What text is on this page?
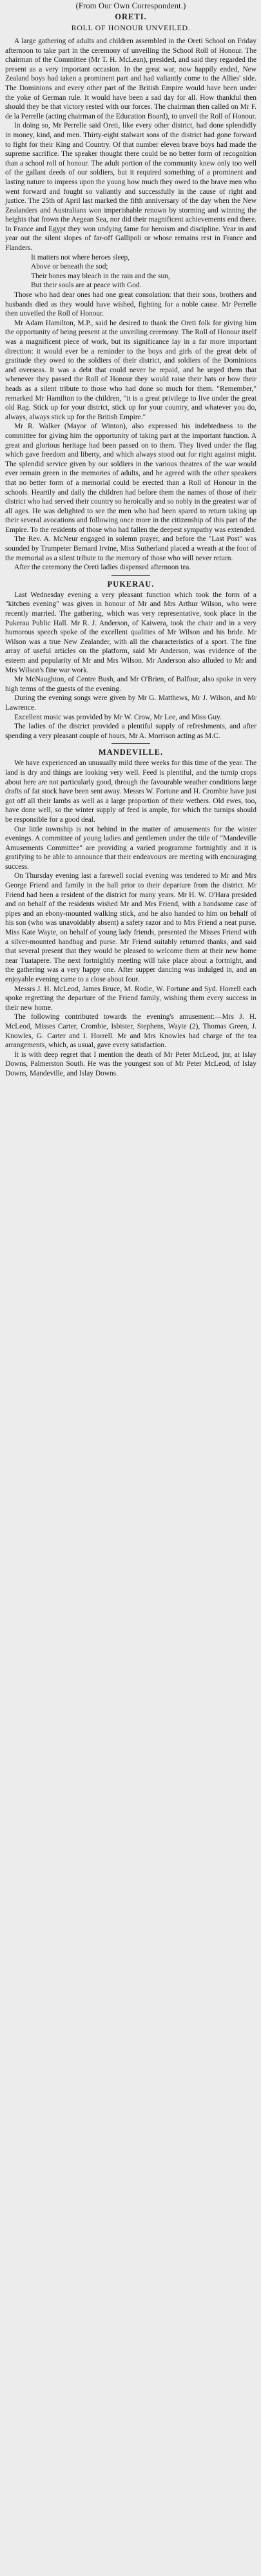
(From Our Own Correspondent.)
ORETI.
ROLL OF HONOUR UNVEILED.

A large gathering of adults and children assembled in the Oreti School on Friday afternoon to take part in the ceremony of unveiling the School Roll of Honour. The chairman of the Committee (Mr T. H. McLean), presided, and said they regarded the present as a very important occasion. In the great war, now happily ended, New Zealand boys had taken a prominent part and had valiantly come to the Allies' side. The Dominions and every other part of the British Empire would have been under the yoke of German rule. It would have been a sad day for all. How thankful then should they be that victory rested with our forces. The chairman then called on Mr F. de la Perrelle (acting chairman of the Education Board), to unveil the Roll of Honour.

In doing so, Mr Perrelle said Oreti, like every other district, had done splendidly in money, kind, and men. Thirty-eight stalwart sons of the district had gone forward to fight for their King and Country. Of that number eleven brave boys had made the supreme sacrifice. The speaker thought there could be no better form of recognition than a school roll of honour. The adult portion of the community knew only too well of the gallant deeds of our soldiers, but it required something of a prominent and lasting nature to impress upon the young how much they owed to the brave men who went forward and fought so valiantly and successfully in the cause of right and justice. The 25th of April last marked the fifth anniversary of the day when the New Zealanders and Australians won imperishable renown by storming and winning the heights that frown the Aegean Sea, nor did their magnificent achievements end there. In France and Egypt they won undying fame for heroism and discipline. Year in and year out the silent slopes of far-off Gallipoli or whose remains rest in France and Flanders.

It matters not where heroes sleep,
Above or beneath the sod;
Their bones may bleach in the rain and the sun,
But their souls are at peace with God.

Those who had dear ones had one great consolation: that their sons, brothers and husbands died as they would have wished, fighting for a noble cause. Mr Perrelle then unveiled the Roll of Honour.

Mr Adam Hamilton, M.P., said he desired to thank the Oreti folk for giving him the opportunity of being present at the unveiling ceremony. The Roll of Honour itself was a magnificent piece of work, but its significance lay in a far more important direction: it would ever be a reminder to the boys and girls of the great debt of gratitude they owed to the soldiers of their district, and soldiers of the Dominions and overseas. It was a debt that could never be repaid, and he urged them that whenever they passed the Roll of Honour they would raise their hats or bow their heads as a silent tribute to those who had done so much for them. "Remember," remarked Mr Hamilton to the children, "it is a great privilege to live under the great old Rag. Stick up for your district, stick up for your country, and whatever you do, always, always stick up for the British Empire."

Mr R. Walker (Mayor of Winton), also expressed his indebtedness to the committee for giving him the opportunity of taking part at the important function. A great and glorious heritage had been passed on to them. They lived under the flag which gave freedom and liberty, and which always stood out for right against might. The splendid service given by our soldiers in the various theatres of the war would ever remain green in the memories of adults, and he agreed with the other speakers that no better form of a memorial could be erected than a Roll of Honour in the schools. Heartily and daily the children had before them the names of those of their district who had served their country so heroically and so nobly in the greatest war of all ages. He was delighted to see the men who had been spared to return taking up their several avocations and following once more in the citizenship of this part of the Empire. To the residents of those who had fallen the deepest sympathy was extended.

The Rev. A. McNeur engaged in solemn prayer, and before the "Last Post" was sounded by Trumpeter Bernard Irvine, Miss Sutherland placed a wreath at the foot of the memorial as a silent tribute to the memory of those who will never return.

After the ceremony the Oreti ladies dispensed afternoon tea.

PUKERAU.

Last Wednesday evening a very pleasant function which took the form of a "kitchen evening" was given in honour of Mr and Mrs Arthur Wilson, who were recently married. The gathering, which was very representative, took place in the Pukerau Public Hall. Mr R. J. Anderson, of Kaiwera, took the chair and in a very humorous speech spoke of the excellent qualities of Mr Wilson and his bride. Mr Wilson was a true New Zealander, with all the characteristics of a sport. The fine array of useful articles on the platform, said Mr Anderson, was evidence of the esteem and popularity of Mr and Mrs Wilson. Mr Anderson also alluded to Mr and Mrs Wilson's fine war work.

Mr McNaughton, of Centre Bush, and Mr O'Brien, of Balfour, also spoke in very high terms of the guests of the evening.

During the evening songs were given by Mr G. Matthews, Mr J. Wilson, and Mr Lawrence.

Excellent music was provided by Mr W. Crow, Mr Lee, and Miss Guy.

The ladies of the district provided a plentiful supply of refreshments, and after spending a very pleasant couple of hours, Mr A. Morrison acting as M.C.

MANDEVILLE.

We have experienced an unusually mild three weeks for this time of the year. The land is dry and things are looking very well. Feed is plentiful, and the turnip crops about here are not particularly good, through the favourable weather conditions large drafts of fat stock have been sent away. Messrs W. Fortune and H. Crombie have just got off all their lambs as well as a large proportion of their wethers. Old ewes, too, have done well, so the winter supply of feed is ample, for which the turnips should be responsible for a good deal.

Our little township is not behind in the matter of amusements for the winter evenings. A committee of young ladies and gentlemen under the title of "Mandeville Amusements Committee" are providing a varied programme fortnightly and it is gratifying to be able to announce that their endeavours are meeting with encouraging success.

On Thursday evening last a farewell social evening was tendered to Mr and Mrs George Friend and family in the hall prior to their departure from the district. Mr Friend had been a resident of the district for many years. Mr H. W. O'Hara presided and on behalf of the residents wished Mr and Mrs Friend, with a handsome case of pipes and an ebony-mounted walking stick, and he also handed to him on behalf of his son (who was unavoidably absent) a safety razor and to Mrs Friend a neat purse. Miss Kate Wayte, on behalf of young lady friends, presented the Misses Friend with a silver-mounted handbag and purse. Mr Friend suitably returned thanks, and said that several present that they would be pleased to welcome them at their new home near Tuatapere. The next fortnightly meeting will take place about a fortnight, and the gathering was a very happy one. After supper dancing was indulged in, and an enjoyable evening came to a close about four.

Messrs J. H. McLeod, James Bruce, M. Rodie, W. Fortune and Syd. Horrell each spoke regretting the departure of the Friend family, wishing them every success in their new home.

The following contributed towards the evening's amusement:—Mrs J. H. McLeod, Misses Carter, Crombie, Isbister, Stephens, Wayte (2), Thomas Green, J. Knowles, G. Carter and I. Horrell. Mr and Mrs Knowles had charge of the tea arrangements, which, as usual, gave every satisfaction.

It is with deep regret that I mention the death of Mr Peter McLeod, jnr, at Islay Downs, Palmerston South. He was the youngest son of Mr Peter McLeod, of Islay Downs, Mandeville, and Islay Downs.
